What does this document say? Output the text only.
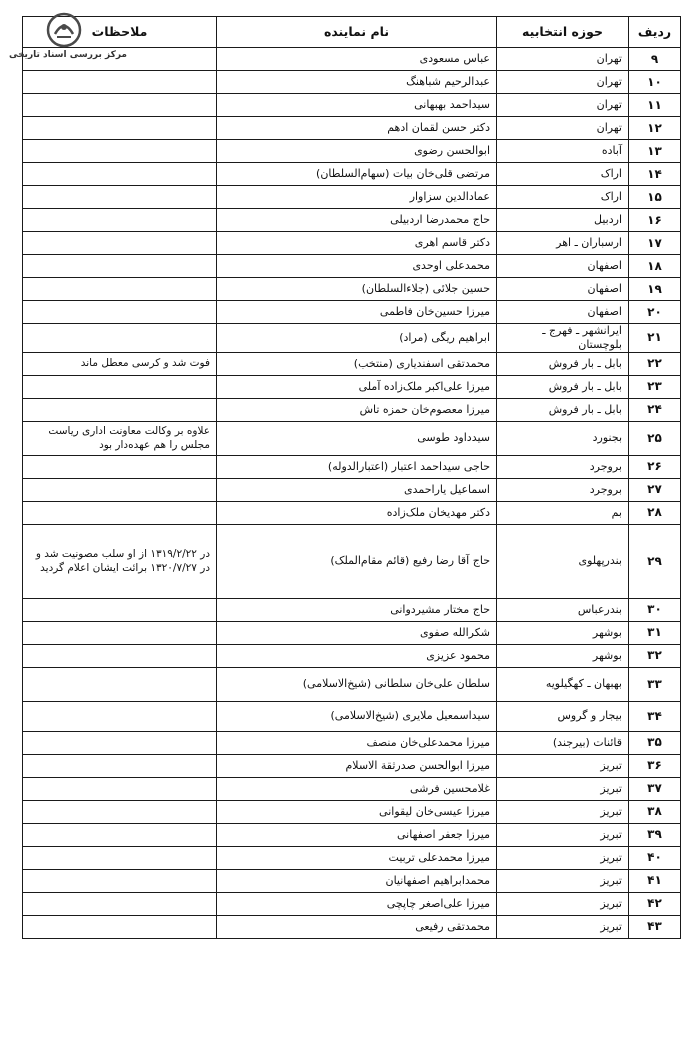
ردیف	حوزه انتخابیه	نام نماینده	ملاحظات
۹	تهران	عباس مسعودی	
۱۰	تهران	عبدالرحیم شباهنگ	
۱۱	تهران	سیداحمد بهبهانی	
۱۲	تهران	دکتر حسن لقمان ادهم	
۱۳	آباده	ابوالحسن رضوی	
۱۴	اراک	مرتضی قلی‌خان بیات (سهام‌السلطان)	
۱۵	اراک	عمادالدین سزاوار	
۱۶	اردبیل	حاج محمدرضا اردبیلی	
۱۷	ارسباران ـ اهر	دکتر قاسم اهری	
۱۸	اصفهان	محمدعلی اوحدی	
۱۹	اصفهان	حسین جلائی (جلاءالسلطان)	
۲۰	اصفهان	میرزا حسین‌خان فاطمی	
۲۱	ایرانشهر ـ فهرج ـ بلوچستان	ابراهیم ریگی (مراد)	
۲۲	بابل ـ بار فروش	محمدتقی اسفندیاری (منتخب)	فوت شد و کرسی معطل ماند
۲۳	بابل ـ بار فروش	میرزا علی‌اکبر ملک‌زاده آملی	
۲۴	بابل ـ بار فروش	میرزا معصوم‌خان حمزه تاش	
۲۵	بجنورد	سیدداود طوسی	علاوه بر وکالت معاونت اداری ریاست مجلس را هم عهده‌دار بود
۲۶	بروجرد	حاجی سیداحمد اعتبار (اعتبارالدوله)	
۲۷	بروجرد	اسماعیل یاراحمدی	
۲۸	بم	دکتر مهدیخان ملک‌زاده	
۲۹	بندرپهلوی	حاج آقا رضا رفیع (قائم مقام‌الملک)	در ۱۳۱۹/۲/۲۲ از او سلب مصونیت شد و در ۱۳۲۰/۷/۲۷ برائت ایشان اعلام گردید
۳۰	بندرعباس	حاج مختار مشیردوانی	
۳۱	بوشهر	شکرالله صفوی	
۳۲	بوشهر	محمود عزیزی	
۳۳	بهبهان ـ کهگیلویه	سلطان علی‌خان سلطانی (شیخ‌الاسلامی)	
۳۴	بیجار و گروس	سیداسمعیل ملایری (شیخ‌الاسلامی)	
۳۵	قائنات (بیرجند)	میرزا محمدعلی‌خان منصف	
۳۶	تبریز	میرزا ابوالحسن صدرثقة الاسلام	
۳۷	تبریز	غلامحسین فرشی	
۳۸	تبریز	میرزا عیسی‌خان لیقوانی	
۳۹	تبریز	میرزا جعفر اصفهانی	
۴۰	تبریز	میرزا محمدعلی تربیت	
۴۱	تبریز	محمدابراهیم اصفهانیان	
۴۲	تبریز	میرزا علی‌اصغر چاپچی	
۴۳	تبریز	محمدتقی رفیعی	
مرکز بررسی اسناد تاریخی
